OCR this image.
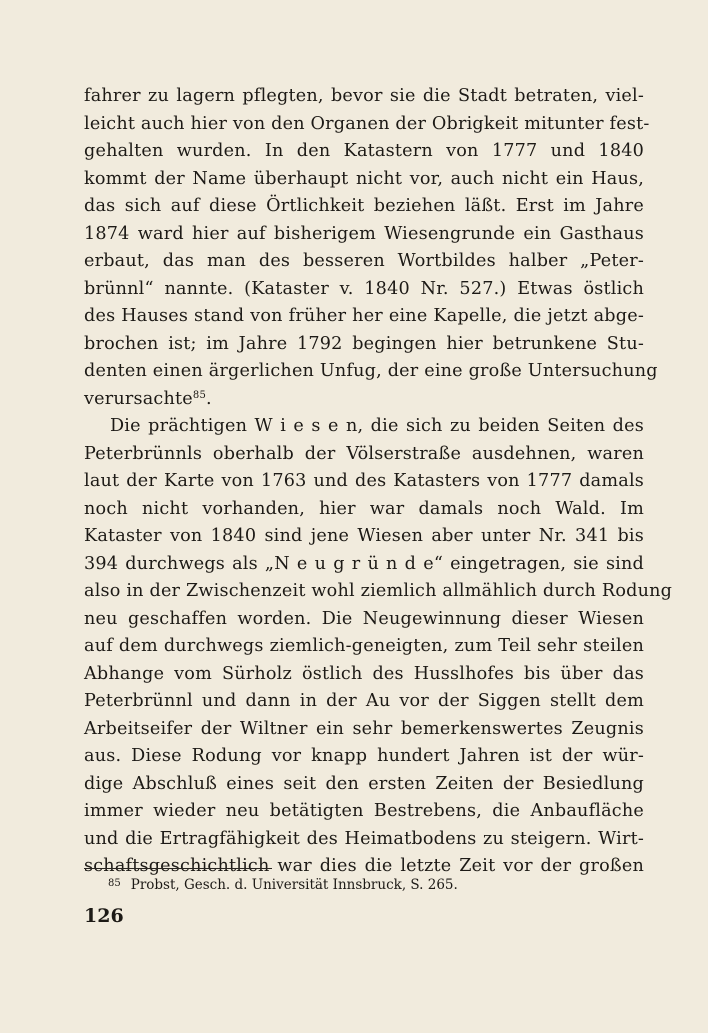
fahrer zu lagern pflegten, bevor sie die Stadt betraten, viel-
leicht auch hier von den Organen der Obrigkeit mitunter fest-
gehalten wurden. In den Katastern von 1777 und 1840
kommt der Name überhaupt nicht vor, auch nicht ein Haus,
das sich auf diese Örtlichkeit beziehen läßt. Erst im Jahre
1874 ward hier auf bisherigem Wiesengrunde ein Gasthaus
erbaut, das man des besseren Wortbildes halber „Peter-
brünnl“ nannte. (Kataster v. 1840 Nr. 527.) Etwas östlich
des Hauses stand von früher her eine Kapelle, die jetzt abge-
brochen ist; im Jahre 1792 begingen hier betrunkene Stu-
denten einen ärgerlichen Unfug, der eine große Untersuchung
verursachte$^{85}$.
Die prächtigen W i e s e n, die sich zu beiden Seiten des
Peterbrünnls oberhalb der Völserstraße ausdehnen, waren
laut der Karte von 1763 und des Katasters von 1777 damals
noch nicht vorhanden, hier war damals noch Wald. Im
Kataster von 1840 sind jene Wiesen aber unter Nr. 341 bis
394 durchwegs als „N e u g r ü n d e“ eingetragen, sie sind
also in der Zwischenzeit wohl ziemlich allmählich durch Rodung
neu geschaffen worden. Die Neugewinnung dieser Wiesen
auf dem durchwegs ziemlich-geneigten, zum Teil sehr steilen
Abhange vom Sürholz östlich des Husslhofes bis über das
Peterbrünnl und dann in der Au vor der Siggen stellt dem
Arbeitseifer der Wiltner ein sehr bemerkenswertes Zeugnis
aus. Diese Rodung vor knapp hundert Jahren ist der wür-
dige Abschluß eines seit den ersten Zeiten der Besiedlung
immer wieder neu betätigten Bestrebens, die Anbaufläche
und die Ertragfähigkeit des Heimatbodens zu steigern. Wirt-
schaftsgeschichtlich war dies die letzte Zeit vor der großen
$^{85}$ Probst, Gesch. d. Universität Innsbruck, S. 265.
126
